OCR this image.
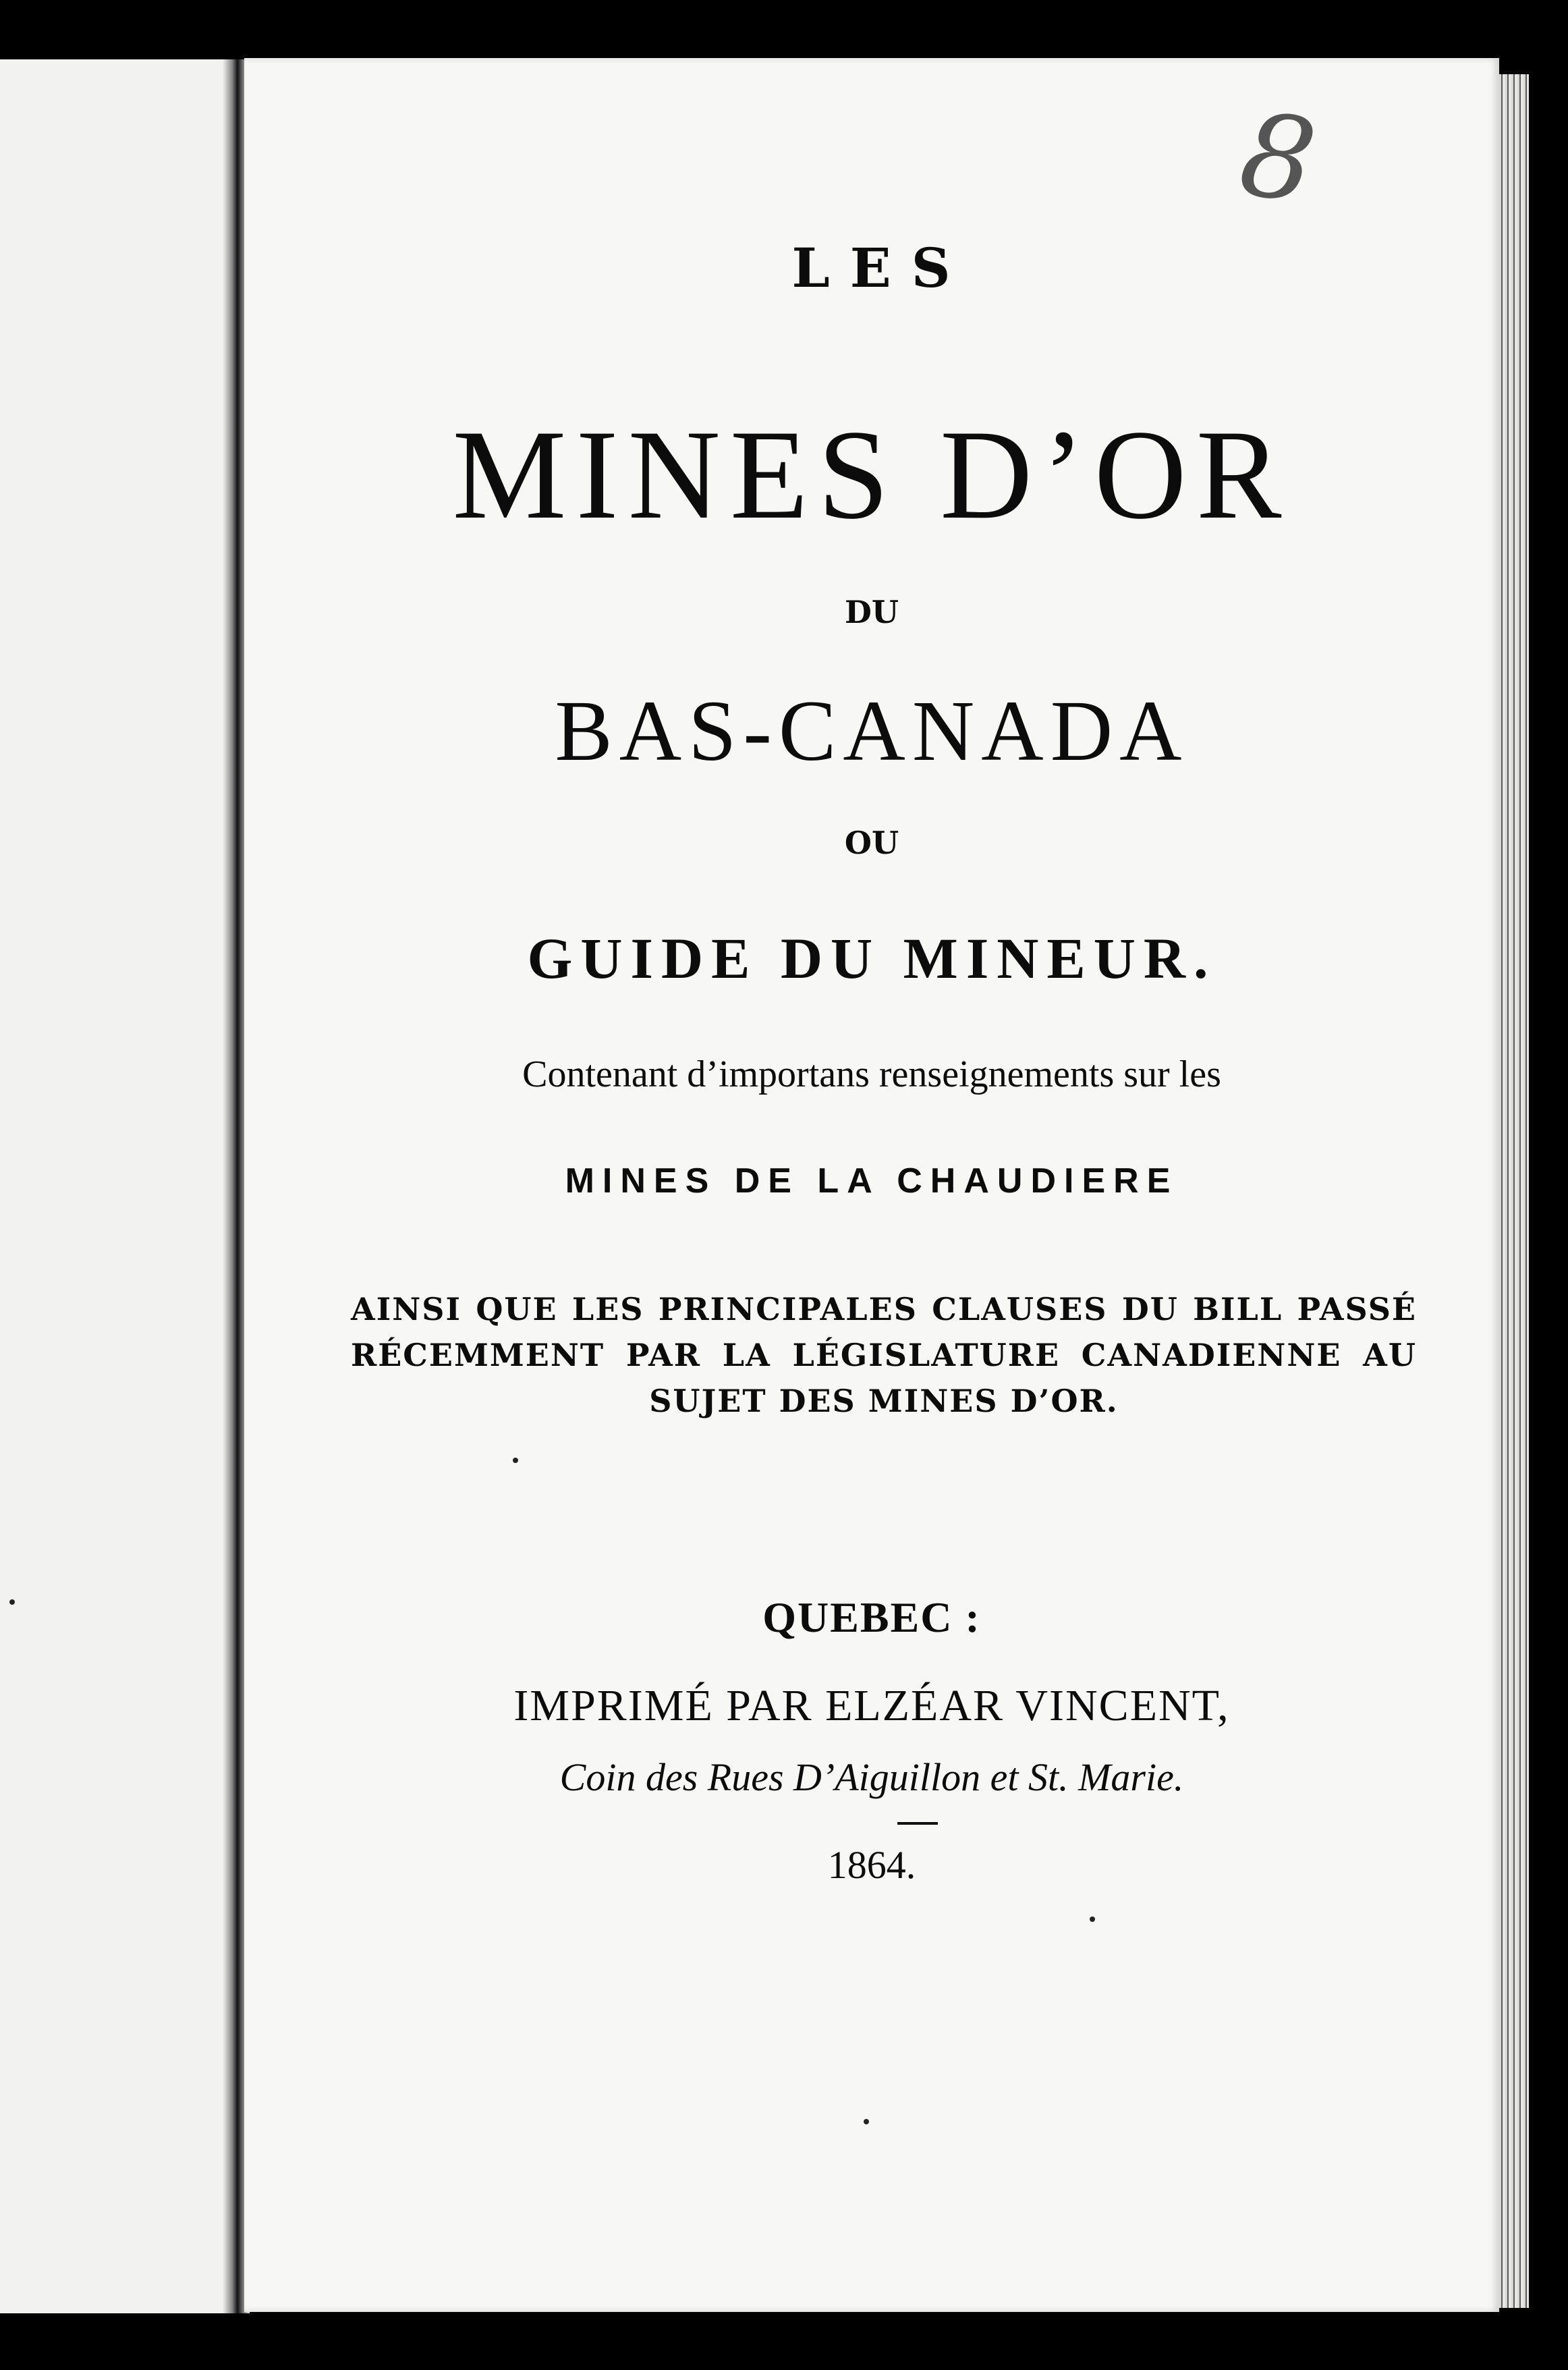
8

LES

MINES D’OR

DU

BAS-CANADA

OU

GUIDE DU MINEUR.

Contenant d’importans renseignements sur les

MINES DE LA CHAUDIERE

AINSI QUE LES PRINCIPALES CLAUSES DU BILL PASSÉ RÉCEMMENT PAR LA LÉGISLATURE CANADIENNE AU SUJET DES MINES D’OR.

QUEBEC :

IMPRIMÉ PAR ELZÉAR VINCENT,

Coin des Rues D’Aiguillon et St. Marie.

1864.
